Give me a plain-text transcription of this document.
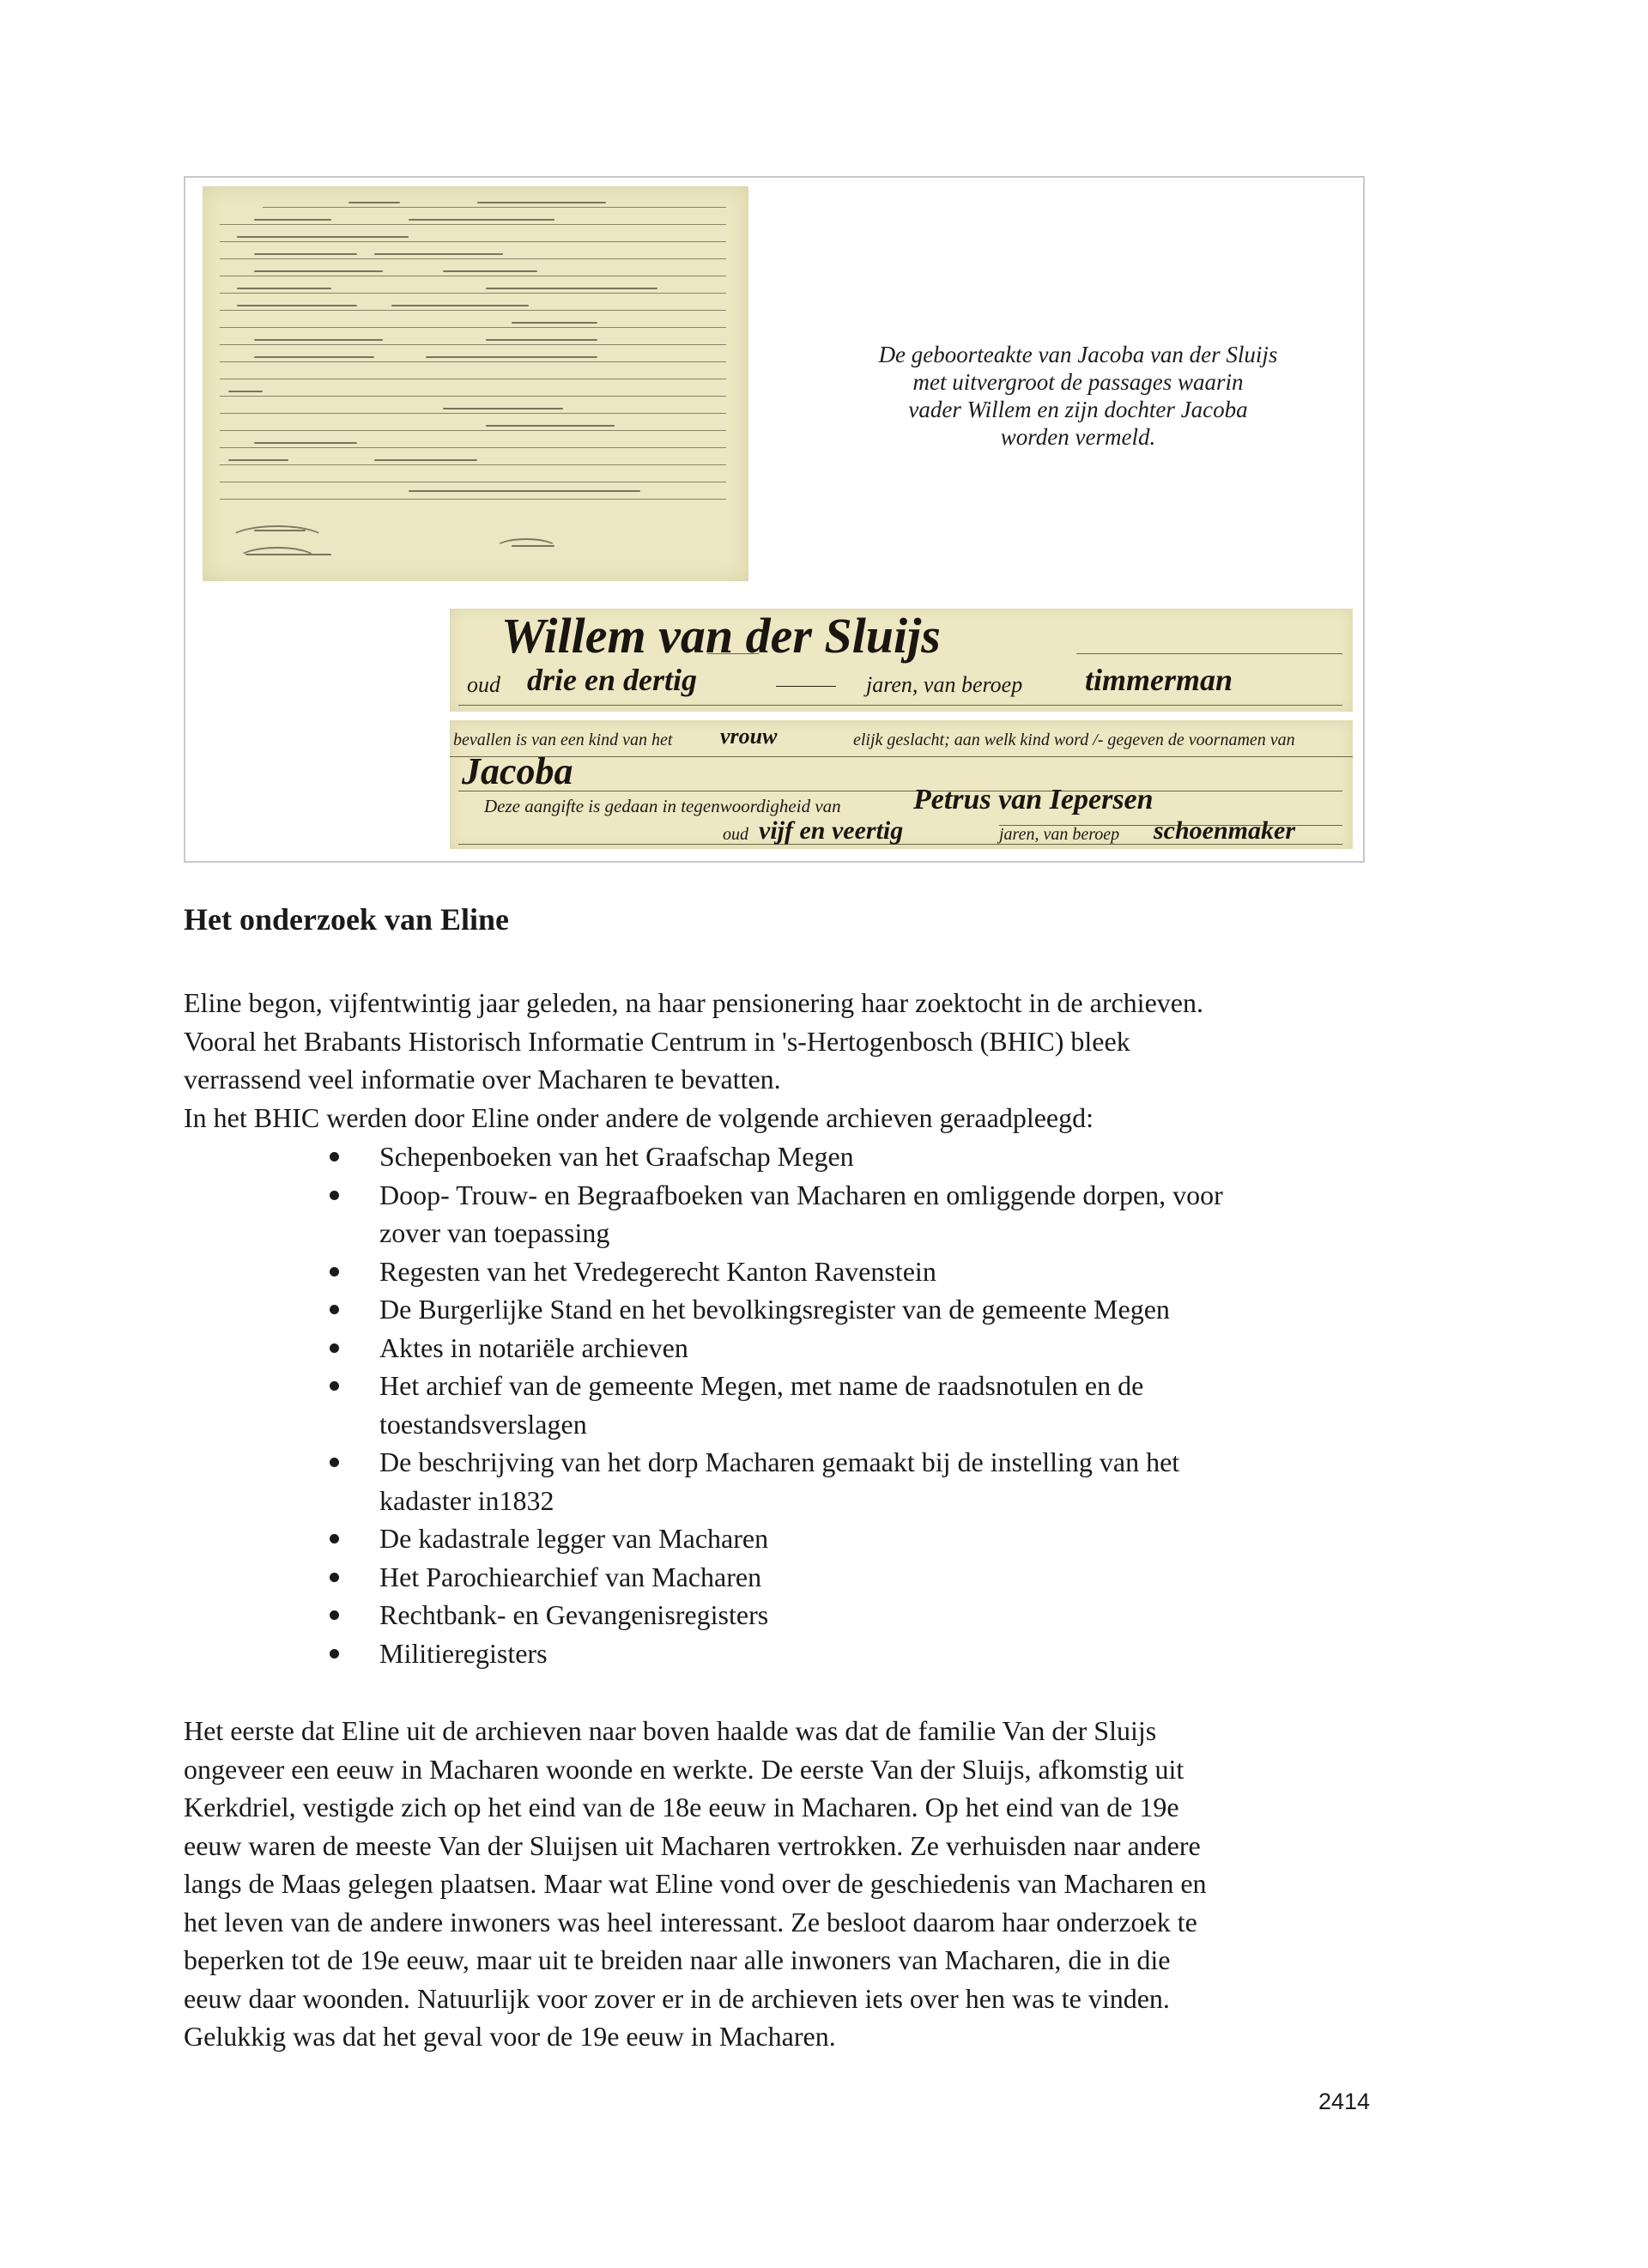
De geboorteakte van Jacoba van der Sluijs

met uitvergroot de passages waarin

vader Willem en zijn dochter Jacoba

worden vermeld.

Willem van der Sluijs
oud drie en dertig	jaren, van beroep timmerman
bevallen is van een kind van het vrouw	elijk geslacht; aan welk kind word /- gegeven de voornamen van
Jacoba
Deze aangifte is gedaan in tegenwoordigheid van Petrus van Iepersen
oud vijf en veertig	jaren, van beroep schoenmaker
Het onderzoek van Eline
Eline begon, vijfentwintig jaar geleden, na haar pensionering haar zoektocht in de archieven.
Vooral het Brabants Historisch Informatie Centrum in 's-Hertogenbosch (BHIC) bleek
verrassend veel informatie over Macharen te bevatten.
In het BHIC werden door Eline onder andere de volgende archieven geraadpleegd:
Schepenboeken van het Graafschap Megen
Doop- Trouw- en Begraafboeken van Macharen en omliggende dorpen, voor
zover van toepassing
Regesten van het Vredegerecht Kanton Ravenstein
De Burgerlijke Stand en het bevolkingsregister van de gemeente Megen
Aktes in notariële archieven
Het archief van de gemeente Megen, met name de raadsnotulen en de
toestandsverslagen
De beschrijving van het dorp Macharen gemaakt bij de instelling van het
kadaster in1832
De kadastrale legger van Macharen
Het Parochiearchief van Macharen
Rechtbank- en Gevangenisregisters
Militieregisters
Het eerste dat Eline uit de archieven naar boven haalde was dat de familie Van der Sluijs
ongeveer een eeuw in Macharen woonde en werkte. De eerste Van der Sluijs, afkomstig uit
Kerkdriel, vestigde zich op het eind van de 18e eeuw in Macharen. Op het eind van de 19e
eeuw waren de meeste Van der Sluijsen uit Macharen vertrokken. Ze verhuisden naar andere
langs de Maas gelegen plaatsen. Maar wat Eline vond over de geschiedenis van Macharen en
het leven van de andere inwoners was heel interessant. Ze besloot daarom haar onderzoek te
beperken tot de 19e eeuw, maar uit te breiden naar alle inwoners van Macharen, die in die
eeuw daar woonden. Natuurlijk voor zover er in de archieven iets over hen was te vinden.
Gelukkig was dat het geval voor de 19e eeuw in Macharen.
2414
